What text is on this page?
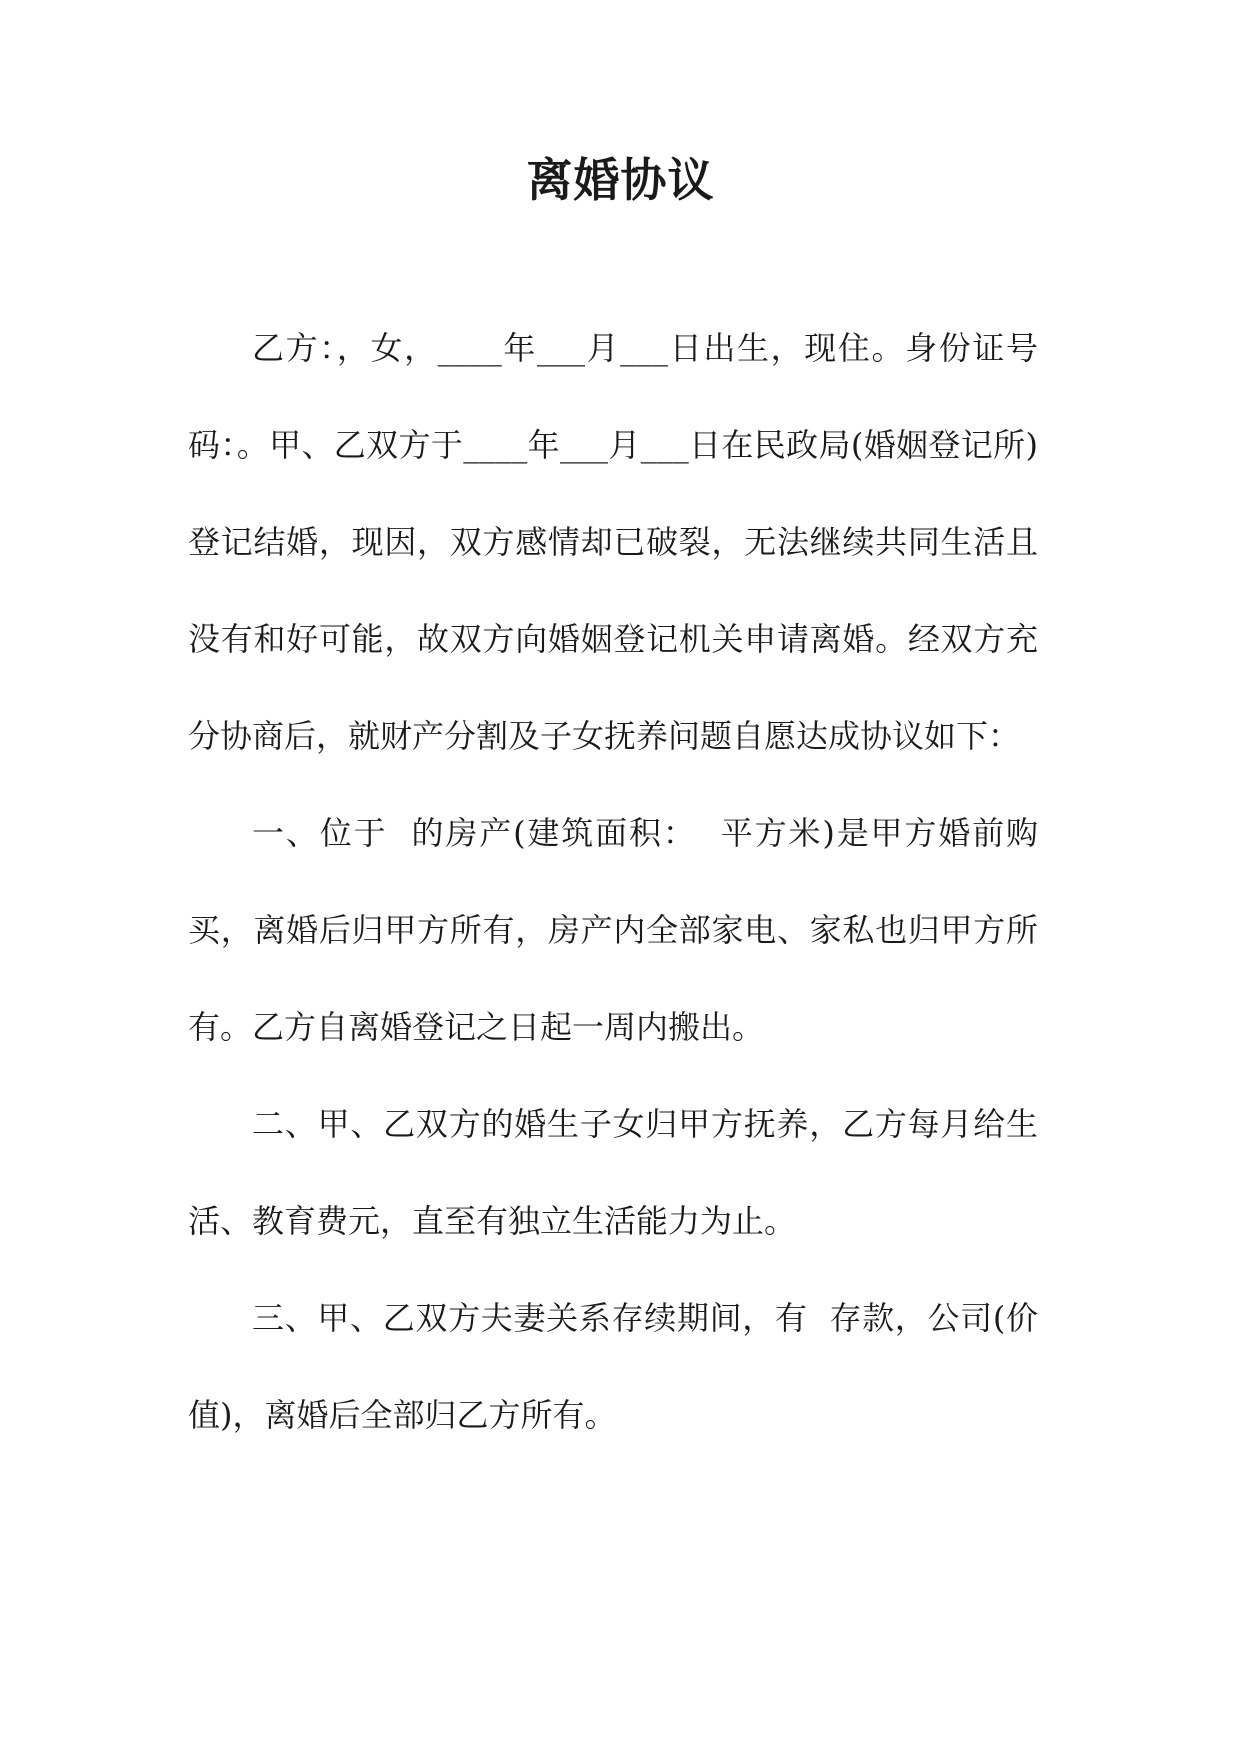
离婚协议

乙方：，女，____年___月___日出生，现住。身份证号码：。甲、乙双方于____年___月___日在民政局(婚姻登记所)登记结婚，现因，双方感情却已破裂，无法继续共同生活且没有和好可能，故双方向婚姻登记机关申请离婚。经双方充分协商后，就财产分割及子女抚养问题自愿达成协议如下：

一、位于  的房产(建筑面积：  平方米)是甲方婚前购买，离婚后归甲方所有，房产内全部家电、家私也归甲方所有。乙方自离婚登记之日起一周内搬出。

二、甲、乙双方的婚生子女归甲方抚养，乙方每月给生活、教育费元，直至有独立生活能力为止。

三、甲、乙双方夫妻关系存续期间，有  存款，公司(价值)，离婚后全部归乙方所有。
